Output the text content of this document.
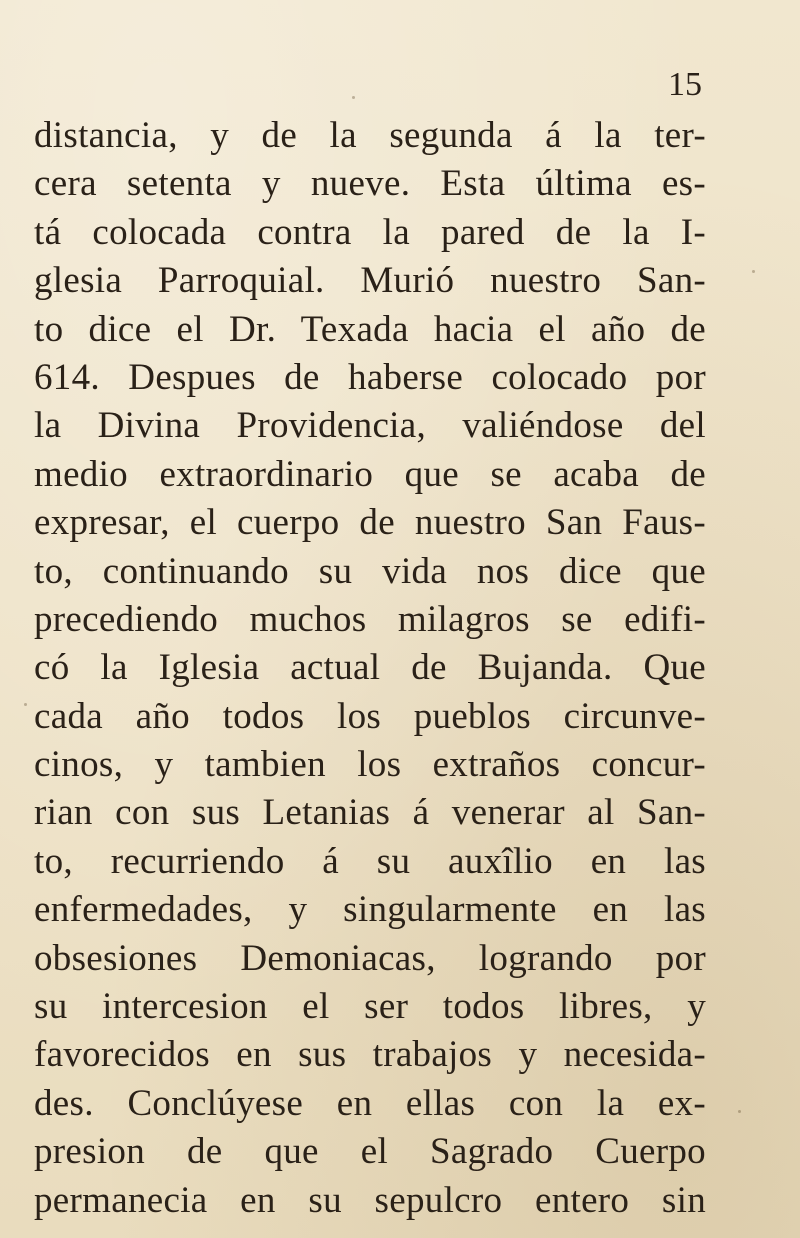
15
distancia, y de la segunda á la ter-
cera setenta y nueve. Esta última es-
tá colocada contra la pared de la I-
glesia Parroquial. Murió nuestro San-
to dice el Dr. Texada hacia el año de
614. Despues de haberse colocado por
la Divina Providencia, valiéndose del
medio extraordinario que se acaba de
expresar, el cuerpo de nuestro San Faus-
to, continuando su vida nos dice que
precediendo muchos milagros se edifi-
có la Iglesia actual de Bujanda. Que
cada año todos los pueblos circunve-
cinos, y tambien los extraños concur-
rian con sus Letanias á venerar al San-
to, recurriendo á su auxîlio en las
enfermedades, y singularmente en las
obsesiones Demoniacas, logrando por
su intercesion el ser todos libres, y
favorecidos en sus trabajos y necesida-
des. Conclúyese en ellas con la ex-
presion de que el Sagrado Cuerpo
permanecia en su sepulcro entero sin
